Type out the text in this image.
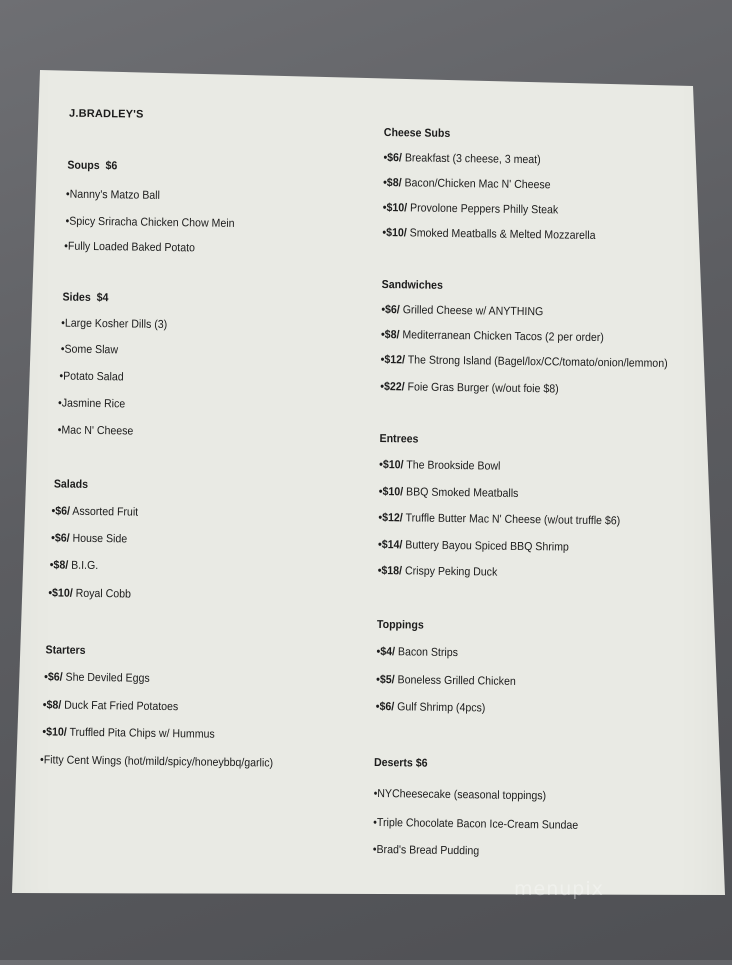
J.BRADLEY'S
Soups $6
•Nanny's Matzo Ball
•Spicy Sriracha Chicken Chow Mein
•Fully Loaded Baked Potato
Sides $4
•Large Kosher Dills (3)
•Some Slaw
•Potato Salad
•Jasmine Rice
•Mac N' Cheese
Salads
•$6/ Assorted Fruit
•$6/ House Side
•$8/ B.I.G.
•$10/ Royal Cobb
Starters
•$6/ She Deviled Eggs
•$8/ Duck Fat Fried Potatoes
•$10/ Truffled Pita Chips w/ Hummus
•Fitty Cent Wings (hot/mild/spicy/honeybbq/garlic)
Cheese Subs
•$6/ Breakfast (3 cheese, 3 meat)
•$8/ Bacon/Chicken Mac N' Cheese
•$10/ Provolone Peppers Philly Steak
•$10/ Smoked Meatballs & Melted Mozzarella
Sandwiches
•$6/ Grilled Cheese w/ ANYTHING
•$8/ Mediterranean Chicken Tacos (2 per order)
•$12/ The Strong Island (Bagel/lox/CC/tomato/onion/lemmon)
•$22/ Foie Gras Burger (w/out foie $8)
Entrees
•$10/ The Brookside Bowl
•$10/ BBQ Smoked Meatballs
•$12/ Truffle Butter Mac N' Cheese (w/out truffle $6)
•$14/ Buttery Bayou Spiced BBQ Shrimp
•$18/ Crispy Peking Duck
Toppings
•$4/ Bacon Strips
•$5/ Boneless Grilled Chicken
•$6/ Gulf Shrimp (4pcs)
Deserts $6
•NYCheesecake (seasonal toppings)
•Triple Chocolate Bacon Ice-Cream Sundae
•Brad's Bread Pudding
menupix
